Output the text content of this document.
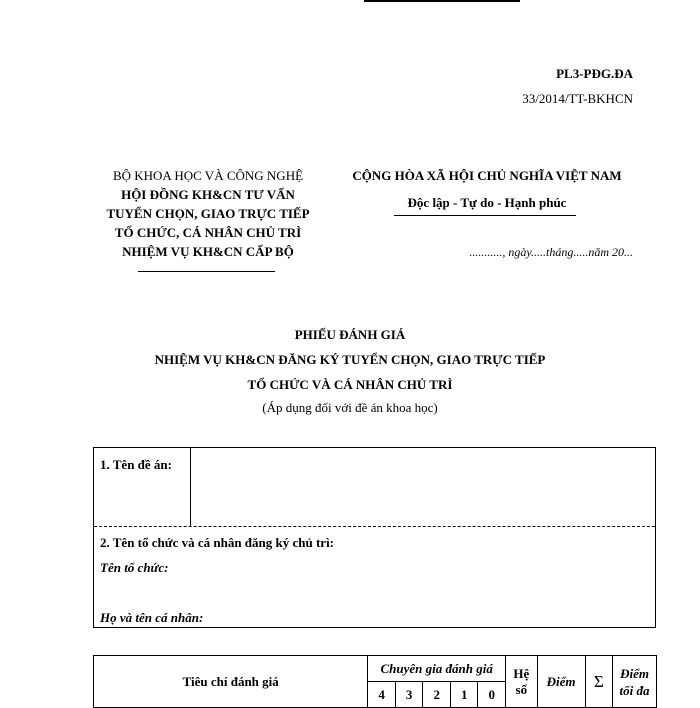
PL3-PĐG.ĐA
33/2014/TT-BKHCN
BỘ KHOA HỌC VÀ CÔNG NGHỆ
HỘI ĐỒNG KH&CN TƯ VẤN
TUYỂN CHỌN, GIAO TRỰC TIẾP
TỔ CHỨC, CÁ NHÂN CHỦ TRÌ
NHIỆM VỤ KH&CN CẤP BỘ
CỘNG HÒA XÃ HỘI CHỦ NGHĨA VIỆT NAM
Độc lập - Tự do - Hạnh phúc
..........., ngày.....tháng.....năm 20...
PHIẾU ĐÁNH GIÁ
NHIỆM VỤ KH&CN ĐĂNG KÝ TUYỂN CHỌN, GIAO TRỰC TIẾP
TỔ CHỨC VÀ CÁ NHÂN CHỦ TRÌ
(Áp dụng đối với đề án khoa học)
1. Tên đề án:
2. Tên tổ chức và cá nhân đăng ký chủ trì:
Tên tổ chức:
Họ và tên cá nhân:
Tiêu chí đánh giá	Chuyên gia đánh giá					Hệ số	Điểm	Σ	Điểm tối đa
	4	3	2	1	0				
